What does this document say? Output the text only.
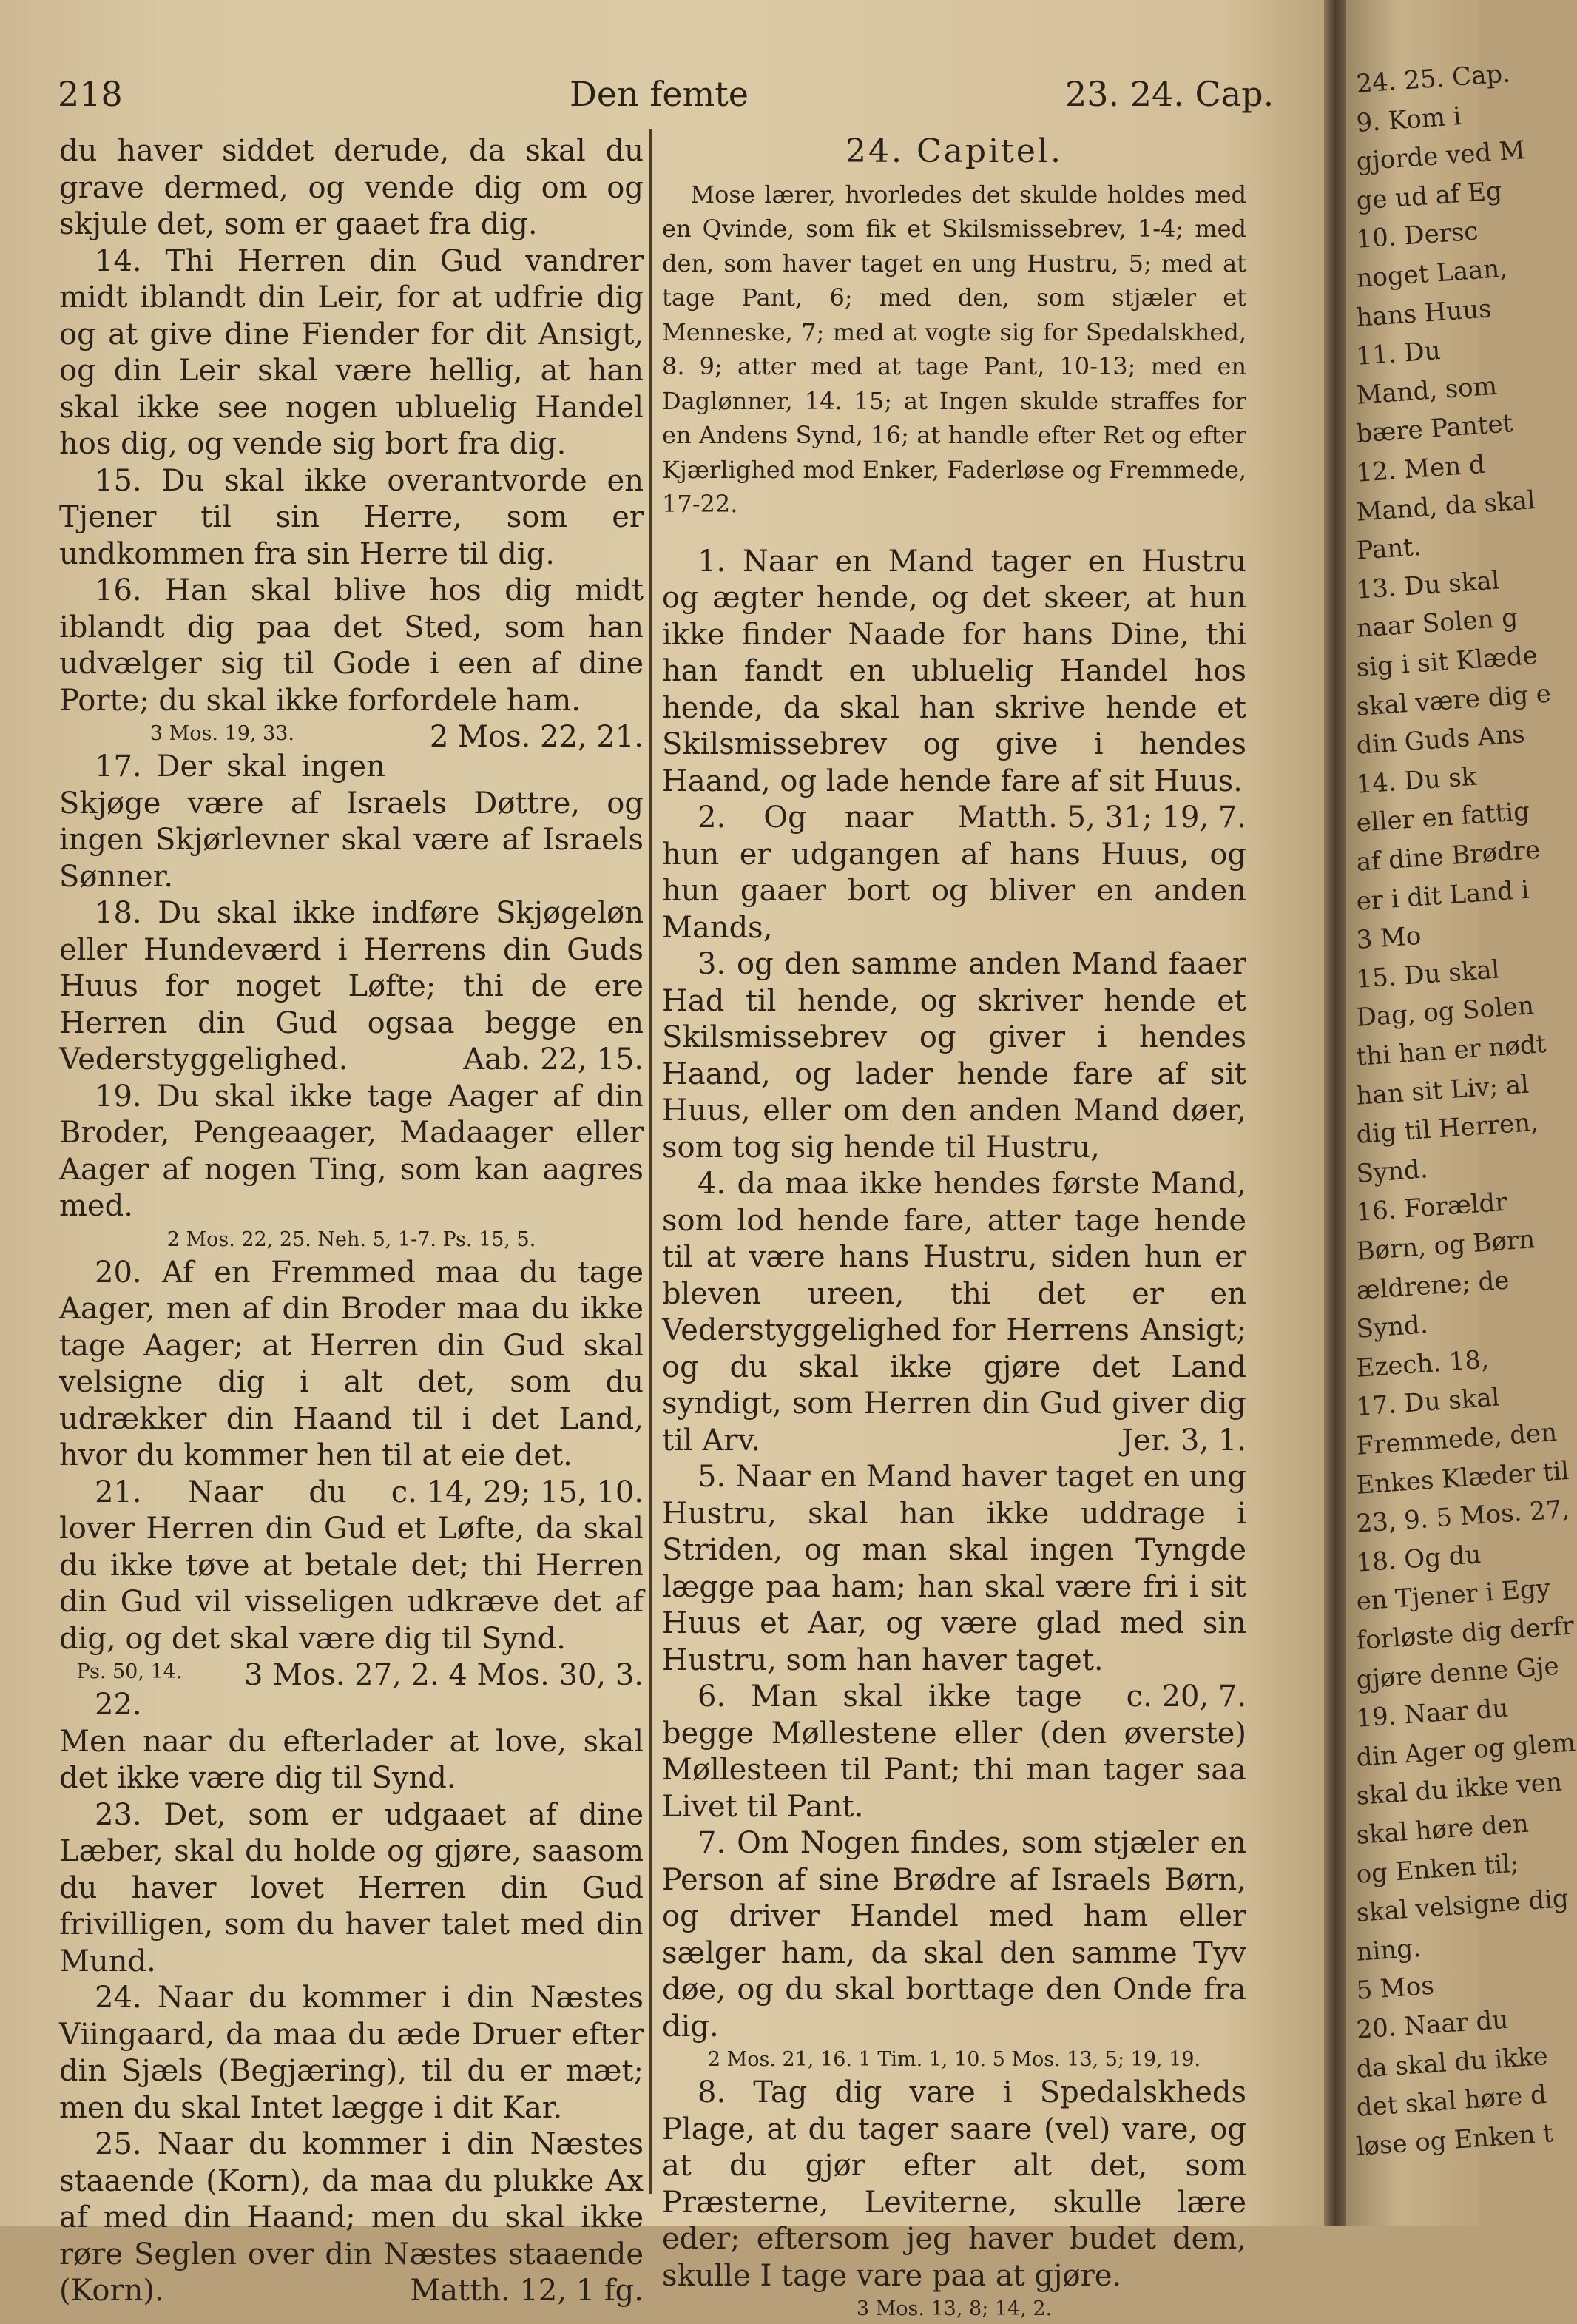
218	Den femte	23. 24. Cap.

du haver siddet derude, da skal du grave dermed, og vende dig om og skjule det, som er gaaet fra dig.

14. Thi Herren din Gud vandrer midt iblandt din Leir, for at udfrie dig og at give dine Fiender for dit Ansigt, og din Leir skal være hellig, at han skal ikke see nogen ubluelig Handel hos dig, og vende sig bort fra dig.

15. Du skal ikke overantvorde en Tjener til sin Herre, som er undkommen fra sin Herre til dig.

16. Han skal blive hos dig midt iblandt dig paa det Sted, som han udvælger sig til Gode i een af dine Porte; du skal ikke forfordele ham.
2 Mos. 22, 21.

3 Mos. 19, 33.

17. Der skal ingen Skjøge være af Israels Døttre, og ingen Skjørlevner skal være af Israels Sønner.

18. Du skal ikke indføre Skjøgeløn eller Hundeværd i Herrens din Guds Huus for noget Løfte; thi de ere Herren din Gud ogsaa begge en Vederstyggelighed.	Aab. 22, 15.

19. Du skal ikke tage Aager af din Broder, Pengeaager, Madaager eller Aager af nogen Ting, som kan aagres med.

2 Mos. 22, 25. Neh. 5, 1-7. Ps. 15, 5.

20. Af en Fremmed maa du tage Aager, men af din Broder maa du ikke tage Aager; at Herren din Gud skal velsigne dig i alt det, som du udrækker din Haand til i det Land, hvor du kommer hen til at eie det.
c. 14, 29; 15, 10.

21. Naar du lover Herren din Gud et Løfte, da skal du ikke tøve at betale det; thi Herren din Gud vil visseligen udkræve det af dig, og det skal være dig til Synd.
3 Mos. 27, 2. 4 Mos. 30, 3.

Ps. 50, 14.

22. Men naar du efterlader at love, skal det ikke være dig til Synd.

23. Det, som er udgaaet af dine Læber, skal du holde og gjøre, saasom du haver lovet Herren din Gud frivilligen, som du haver talet med din Mund.

24. Naar du kommer i din Næstes Viingaard, da maa du æde Druer efter din Sjæls (Begjæring), til du er mæt; men du skal Intet lægge i dit Kar.

25. Naar du kommer i din Næstes staaende (Korn), da maa du plukke Ax af med din Haand; men du skal ikke røre Seglen over din Næstes staaende (Korn).	Matth. 12, 1 fg.

24. Capitel.

Mose lærer, hvorledes det skulde holdes med en Qvinde, som fik et Skilsmissebrev, 1-4; med den, som haver taget en ung Hustru, 5; med at tage Pant, 6; med den, som stjæler et Menneske, 7; med at vogte sig for Spedalskhed, 8. 9; atter med at tage Pant, 10-13; med en Daglønner, 14. 15; at Ingen skulde straffes for en Andens Synd, 16; at handle efter Ret og efter Kjærlighed mod Enker, Faderløse og Fremmede, 17-22.

1. Naar en Mand tager en Hustru og ægter hende, og det skeer, at hun ikke finder Naade for hans Dine, thi han fandt en ubluelig Handel hos hende, da skal han skrive hende et Skilsmissebrev og give i hendes Haand, og lade hende fare af sit Huus.
Matth. 5, 31; 19, 7.

2. Og naar hun er udgangen af hans Huus, og hun gaaer bort og bliver en anden Mands,

3. og den samme anden Mand faaer Had til hende, og skriver hende et Skilsmissebrev og giver i hendes Haand, og lader hende fare af sit Huus, eller om den anden Mand døer, som tog sig hende til Hustru,

4. da maa ikke hendes første Mand, som lod hende fare, atter tage hende til at være hans Hustru, siden hun er bleven ureen, thi det er en Vederstyggelighed for Herrens Ansigt; og du skal ikke gjøre det Land syndigt, som Herren din Gud giver dig til Arv.	Jer. 3, 1.

5. Naar en Mand haver taget en ung Hustru, skal han ikke uddrage i Striden, og man skal ingen Tyngde lægge paa ham; han skal være fri i sit Huus et Aar, og være glad med sin Hustru, som han haver taget.
c. 20, 7.

6. Man skal ikke tage begge Møllestene eller (den øverste) Møllesteen til Pant; thi man tager saa Livet til Pant.

7. Om Nogen findes, som stjæler en Person af sine Brødre af Israels Børn, og driver Handel med ham eller sælger ham, da skal den samme Tyv døe, og du skal borttage den Onde fra dig.

2 Mos. 21, 16. 1 Tim. 1, 10. 5 Mos. 13, 5; 19, 19.

8. Tag dig vare i Spedalskheds Plage, at du tager saare (vel) vare, og at du gjør efter alt det, som Præsterne, Leviterne, skulle lære eder; eftersom jeg haver budet dem, skulle I tage vare paa at gjøre.

3 Mos. 13, 8; 14, 2.

24. 25. Cap.
9. Kom i
gjorde ved M
ge ud af Eg
10. Dersc
noget Laan,
hans Huus
11. Du
Mand, som
bære Pantet
12. Men d
Mand, da skal
Pant.
13. Du skal
naar Solen g
sig i sit Klæde
skal være dig e
din Guds Ans
14. Du sk
eller en fattig
af dine Brødre
er i dit Land i
3 Mo
15. Du skal
Dag, og Solen
thi han er nødt
han sit Liv; al
dig til Herren,
Synd.
16. Forældr
Børn, og Børn
ældrene; de
Synd.
Ezech. 18,
17. Du skal
Fremmede, den
Enkes Klæder til
23, 9. 5 Mos. 27,
18. Og du
en Tjener i Egy
forløste dig derfr
gjøre denne Gje
19. Naar du
din Ager og glem
skal du ikke ven
skal høre den
og Enken til;
skal velsigne dig
ning.
5 Mos
20. Naar du
da skal du ikke
det skal høre d
løse og Enken t
